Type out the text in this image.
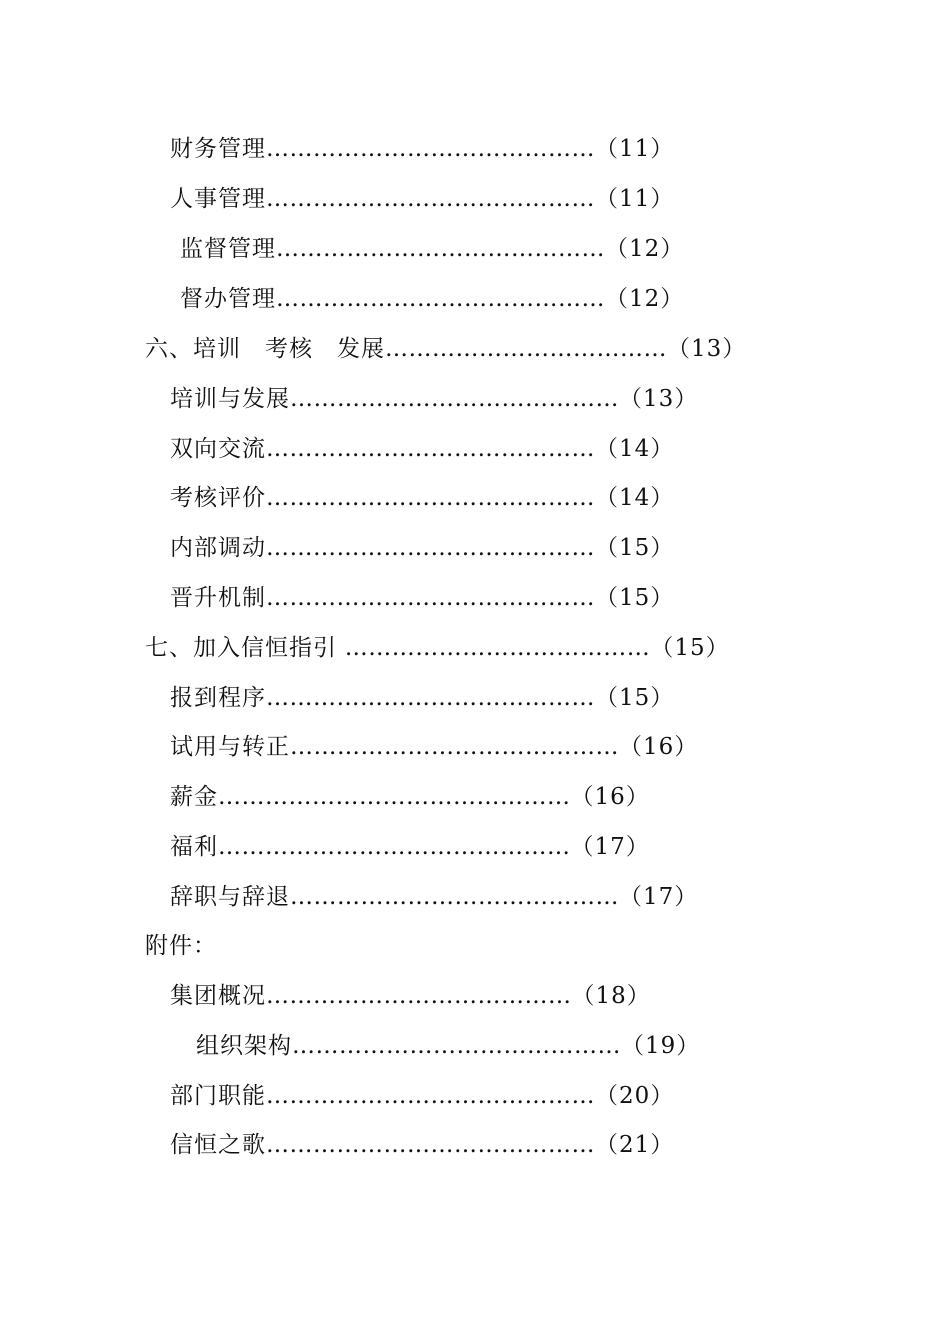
财务管理……………………………………（11）
人事管理……………………………………（11）
监督管理……………………………………（12）
督办管理……………………………………（12）
六、培训　考核　发展………………………………（13）
培训与发展……………………………………（13）
双向交流……………………………………（14）
考核评价……………………………………（14）
内部调动……………………………………（15）
晋升机制……………………………………（15）
七、加入信恒指引 …………………………………（15）
报到程序……………………………………（15）
试用与转正……………………………………（16）
薪金………………………………………（16）
福利………………………………………（17）
辞职与辞退……………………………………（17）
附件：
集团概况…………………………………（18）
组织架构……………………………………（19）
部门职能……………………………………（20）
信恒之歌……………………………………（21）
